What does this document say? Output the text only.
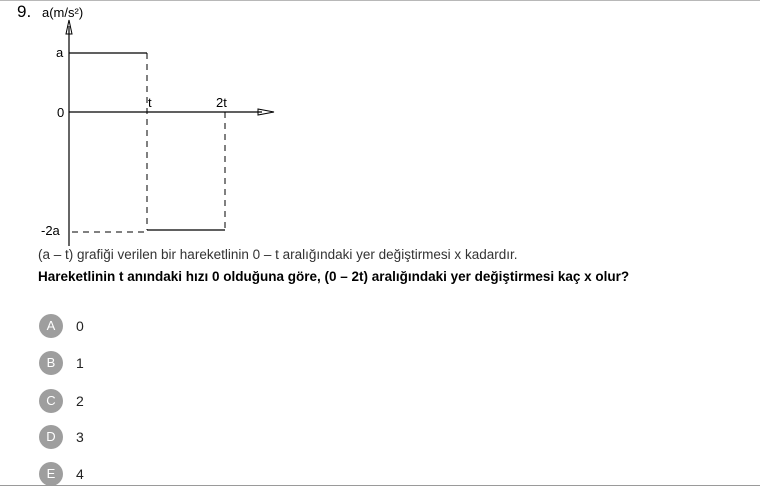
9. a(m/s²)
a
0
-2a
t	2t
(a – t) grafiği verilen bir hareketlinin 0 – t aralığındaki yer değiştirmesi x kadardır.
Hareketlinin t anındaki hızı 0 olduğuna göre, (0 – 2t) aralığındaki yer değiştirmesi kaç x olur?
A	0
B	1
C	2
D	3
E	4
